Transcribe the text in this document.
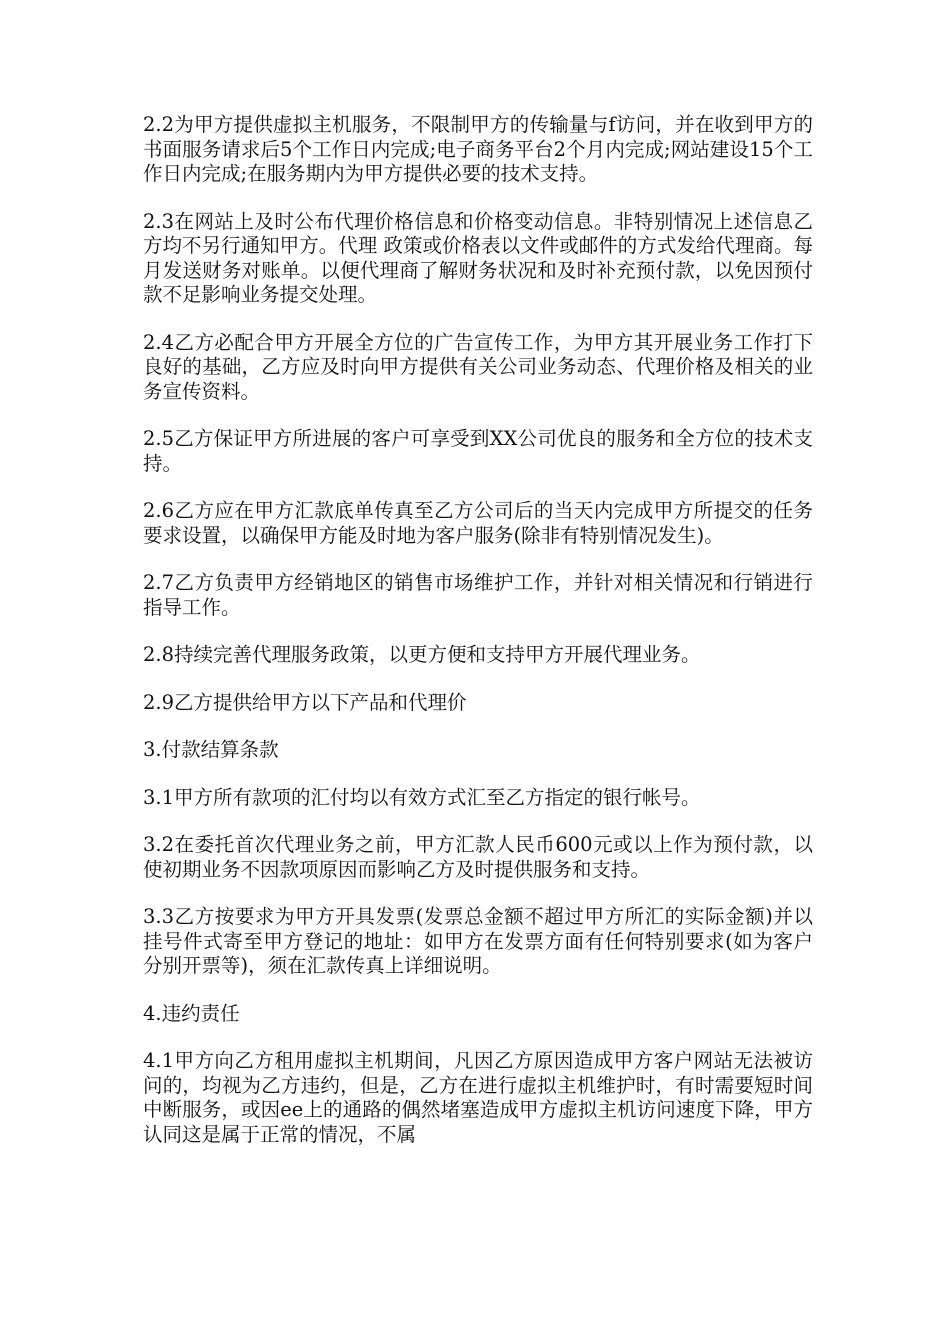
2.2为甲方提供虚拟主机服务，不限制甲方的传输量与f访问，并在收到甲方的书面服务请求后5个工作日内完成;电子商务平台2个月内完成;网站建设15个工作日内完成;在服务期内为甲方提供必要的技术支持。

2.3在网站上及时公布代理价格信息和价格变动信息。非特别情况上述信息乙方均不另行通知甲方。代理 政策或价格表以文件或邮件的方式发给代理商。每月发送财务对账单。以便代理商了解财务状况和及时补充预付款，以免因预付款不足影响业务提交处理。

2.4乙方必配合甲方开展全方位的广告宣传工作，为甲方其开展业务工作打下良好的基础，乙方应及时向甲方提供有关公司业务动态、代理价格及相关的业务宣传资料。

2.5乙方保证甲方所进展的客户可享受到XX公司优良的服务和全方位的技术支持。

2.6乙方应在甲方汇款底单传真至乙方公司后的当天内完成甲方所提交的任务要求设置，以确保甲方能及时地为客户服务(除非有特别情况发生)。

2.7乙方负责甲方经销地区的销售市场维护工作，并针对相关情况和行销进行指导工作。

2.8持续完善代理服务政策，以更方便和支持甲方开展代理业务。

2.9乙方提供给甲方以下产品和代理价

3.付款结算条款

3.1甲方所有款项的汇付均以有效方式汇至乙方指定的银行帐号。

3.2在委托首次代理业务之前，甲方汇款人民币600元或以上作为预付款，以使初期业务不因款项原因而影响乙方及时提供服务和支持。

3.3乙方按要求为甲方开具发票(发票总金额不超过甲方所汇的实际金额)并以挂号件式寄至甲方登记的地址：如甲方在发票方面有任何特别要求(如为客户分别开票等)，须在汇款传真上详细说明。

4.违约责任

4.1甲方向乙方租用虚拟主机期间，凡因乙方原因造成甲方客户网站无法被访问的，均视为乙方违约，但是，乙方在进行虚拟主机维护时，有时需要短时间中断服务，或因ee上的通路的偶然堵塞造成甲方虚拟主机访问速度下降，甲方认同这是属于正常的情况，不属
